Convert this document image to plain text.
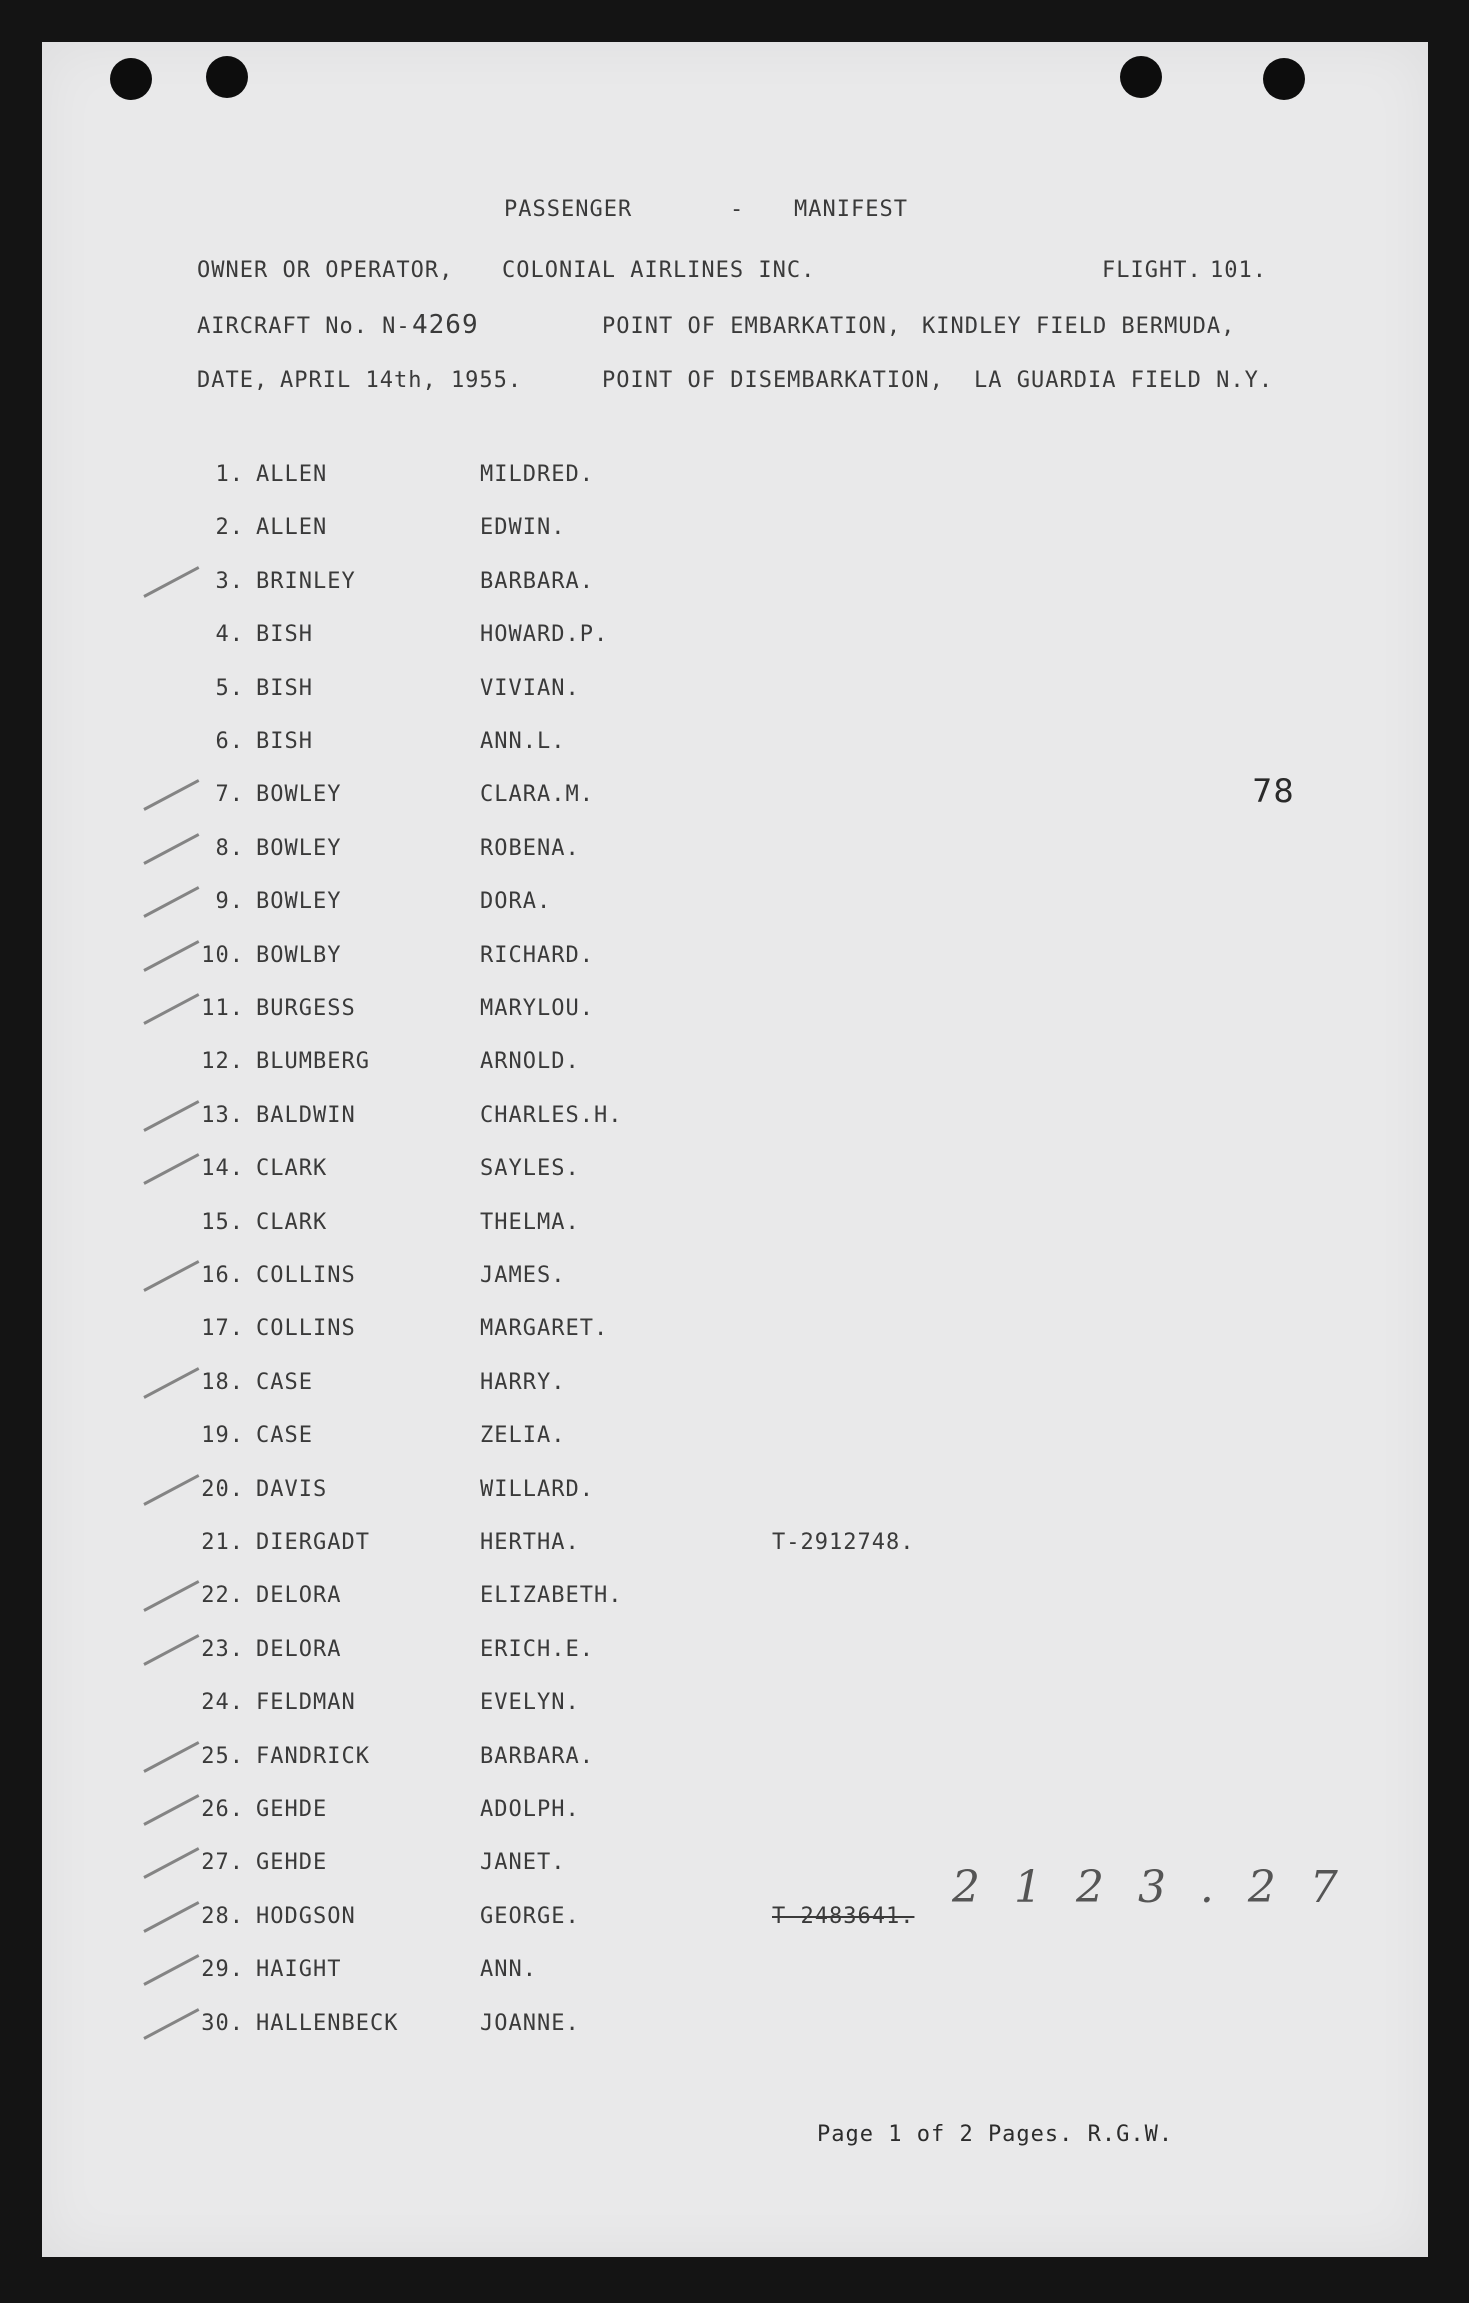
PASSENGER	- MANIFEST
OWNER OR OPERATOR, COLONIAL AIRLINES INC.	FLIGHT. 101.
AIRCRAFT No. N- 4269	POINT OF EMBARKATION, KINDLEY FIELD BERMUDA,
DATE, APRIL 14th, 1955.	POINT OF DISEMBARKATION, LA GUARDIA FIELD N.Y.
78
1. ALLEN	MILDRED.
2. ALLEN	EDWIN.
3. BRINLEY	BARBARA.
4. BISH	HOWARD.P.
5. BISH	VIVIAN.
6. BISH	ANN.L.
7. BOWLEY	CLARA.M.
8. BOWLEY	ROBENA.
9. BOWLEY	DORA.
10. BOWLBY	RICHARD.
11. BURGESS	MARYLOU.
12. BLUMBERG	ARNOLD.
13. BALDWIN	CHARLES.H.
14. CLARK	SAYLES.
15. CLARK	THELMA.
16. COLLINS	JAMES.
17. COLLINS	MARGARET.
18. CASE	HARRY.
19. CASE	ZELIA.
20. DAVIS	WILLARD.
21. DIERGADT	HERTHA.	T-2912748.
22. DELORA	ELIZABETH.
23. DELORA	ERICH.E.
24. FELDMAN	EVELYN.
25. FANDRICK	BARBARA.
26. GEHDE	ADOLPH.
27. GEHDE	JANET.
28. HODGSON	GEORGE.	T-2483641.
29. HAIGHT	ANN.
30. HALLENBECK	JOANNE.
2 1 2 3 . 2 7
Page 1 of 2 Pages. R.G.W.
